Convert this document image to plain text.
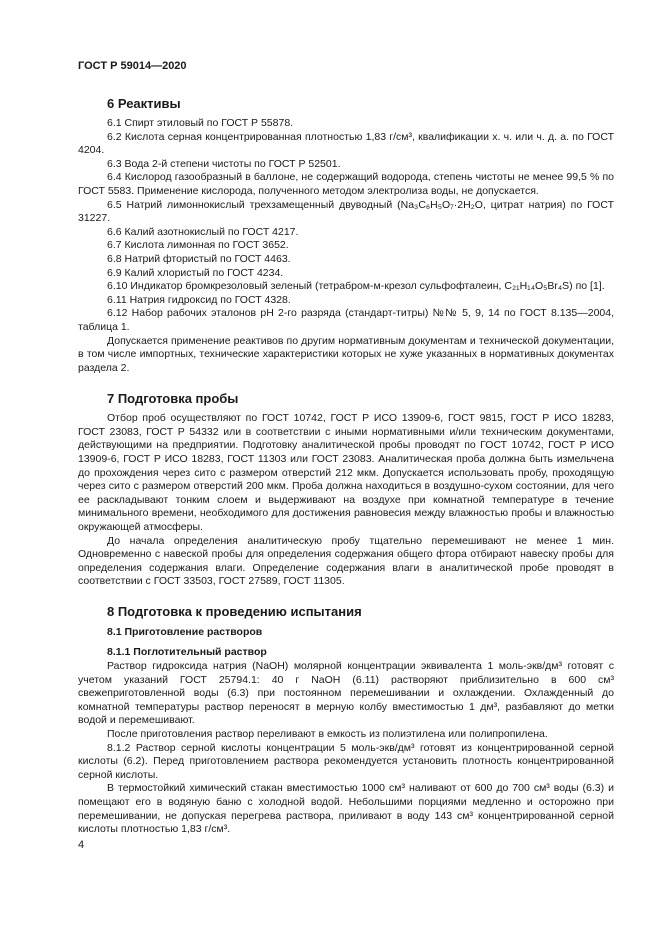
ГОСТ Р 59014—2020
6 Реактивы

6.1 Спирт этиловый по ГОСТ Р 55878.

6.2 Кислота серная концентрированная плотностью 1,83 г/см³, квалификации х. ч. или ч. д. а. по ГОСТ 4204.

6.3 Вода 2-й степени чистоты по ГОСТ Р 52501.

6.4 Кислород газообразный в баллоне, не содержащий водорода, степень чистоты не менее 99,5 % по ГОСТ 5583. Применение кислорода, полученного методом электролиза воды, не допускается.

6.5 Натрий лимоннокислый трехзамещенный двуводный (Na₃C₆H₅O₇·2H₂O, цитрат натрия) по ГОСТ 31227.

6.6 Калий азотнокислый по ГОСТ 4217.

6.7 Кислота лимонная по ГОСТ 3652.

6.8 Натрий фтористый по ГОСТ 4463.

6.9 Калий хлористый по ГОСТ 4234.

6.10 Индикатор бромкрезоловый зеленый (тетрабром-м-крезол сульфофталеин, C₂₁H₁₄O₅Br₄S) по [1].

6.11 Натрия гидроксид по ГОСТ 4328.

6.12 Набор рабочих эталонов pH 2-го разряда (стандарт-титры) №№ 5, 9, 14 по ГОСТ 8.135—2004, таблица 1.

Допускается применение реактивов по другим нормативным документам и технической документации, в том числе импортных, технические характеристики которых не хуже указанных в нормативных документах раздела 2.

7 Подготовка пробы

Отбор проб осуществляют по ГОСТ 10742, ГОСТ Р ИСО 13909-6, ГОСТ 9815, ГОСТ Р ИСО 18283, ГОСТ 23083, ГОСТ Р 54332 или в соответствии с иными нормативными и/или техническим документами, действующими на предприятии. Подготовку аналитической пробы проводят по ГОСТ 10742, ГОСТ Р ИСО 13909-6, ГОСТ Р ИСО 18283, ГОСТ 11303 или ГОСТ 23083. Аналитическая проба должна быть измельчена до прохождения через сито с размером отверстий 212 мкм. Допускается использовать пробу, проходящую через сито с размером отверстий 200 мкм. Проба должна находиться в воздушно-сухом состоянии, для чего ее раскладывают тонким слоем и выдерживают на воздухе при комнатной температуре в течение минимального времени, необходимого для достижения равновесия между влажностью пробы и влажностью окружающей атмосферы.

До начала определения аналитическую пробу тщательно перемешивают не менее 1 мин. Одновременно с навеской пробы для определения содержания общего фтора отбирают навеску пробы для определения содержания влаги. Определение содержания влаги в аналитической пробе проводят в соответствии с ГОСТ 33503, ГОСТ 27589, ГОСТ 11305.

8 Подготовка к проведению испытания
8.1 Приготовление растворов
8.1.1 Поглотительный раствор

Раствор гидроксида натрия (NaOH) молярной концентрации эквивалента 1 моль-экв/дм³ готовят с учетом указаний ГОСТ 25794.1: 40 г NaOH (6.11) растворяют приблизительно в 600 см³ свежеприготовленной воды (6.3) при постоянном перемешивании и охлаждении. Охлажденный до комнатной температуры раствор переносят в мерную колбу вместимостью 1 дм³, разбавляют до метки водой и перемешивают.

После приготовления раствор переливают в емкость из полиэтилена или полипропилена.

8.1.2 Раствор серной кислоты концентрации 5 моль-экв/дм³ готовят из концентрированной серной кислоты (6.2). Перед приготовлением раствора рекомендуется установить плотность концентрированной серной кислоты.

В термостойкий химический стакан вместимостью 1000 см³ наливают от 600 до 700 см³ воды (6.3) и помещают его в водяную баню с холодной водой. Небольшими порциями медленно и осторожно при перемешивании, не допуская перегрева раствора, приливают в воду 143 см³ концентрированной серной кислоты плотностью 1,83 г/см³.

4
